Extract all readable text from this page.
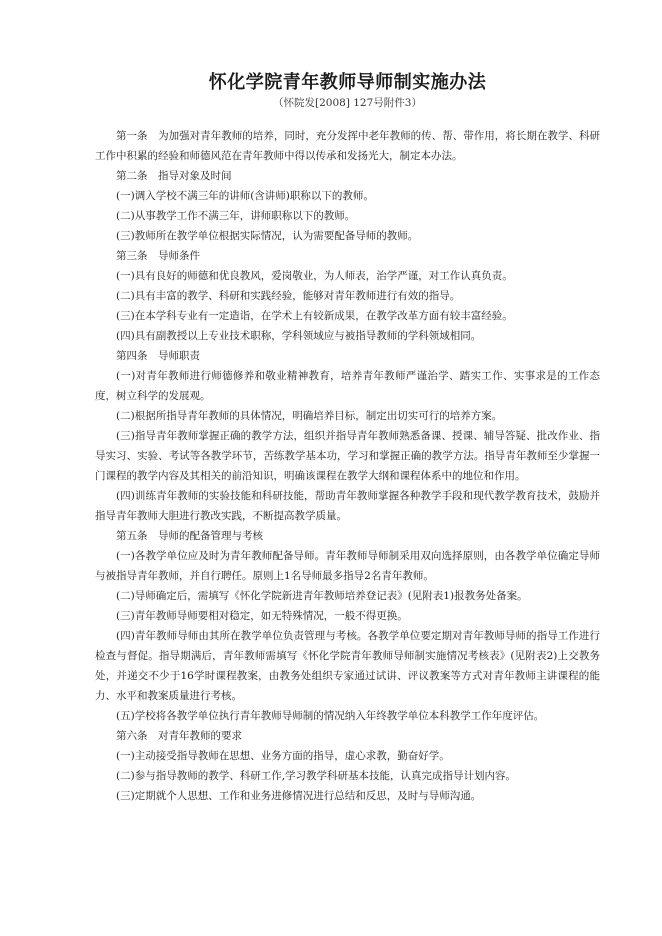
怀化学院青年教师导师制实施办法
（怀院发[2008] 127号附件3）

第一条　为加强对青年教师的培养，同时，充分发挥中老年教师的传、帮、带作用，将长期在教学、科研工作中积累的经验和师德风范在青年教师中得以传承和发扬光大，制定本办法。

第二条　指导对象及时间

(一)调入学校不满三年的讲师(含讲师)职称以下的教师。

(二)从事教学工作不满三年，讲师职称以下的教师。

(三)教师所在教学单位根据实际情况，认为需要配备导师的教师。

第三条　导师条件

(一)具有良好的师德和优良教风，爱岗敬业，为人师表，治学严谨，对工作认真负责。

(二)具有丰富的教学、科研和实践经验，能够对青年教师进行有效的指导。

(三)在本学科专业有一定造诣，在学术上有较新成果，在教学改革方面有较丰富经验。

(四)具有副教授以上专业技术职称，学科领域应与被指导教师的学科领域相同。

第四条　导师职责

(一)对青年教师进行师德修养和敬业精神教育，培养青年教师严谨治学、踏实工作、实事求是的工作态度，树立科学的发展观。

(二)根据所指导青年教师的具体情况，明确培养目标，制定出切实可行的培养方案。

(三)指导青年教师掌握正确的教学方法，组织并指导青年教师熟悉备课、授课、辅导答疑、批改作业、指导实习、实验、考试等各教学环节，苦练教学基本功，学习和掌握正确的教学方法。指导青年教师至少掌握一门课程的教学内容及其相关的前沿知识，明确该课程在教学大纲和课程体系中的地位和作用。

(四)训练青年教师的实验技能和科研技能，帮助青年教师掌握各种教学手段和现代教学教育技术，鼓励并指导青年教师大胆进行教改实践，不断提高教学质量。

第五条　导师的配备管理与考核

(一)各教学单位应及时为青年教师配备导师。青年教师导师制采用双向选择原则，由各教学单位确定导师与被指导青年教师，并自行聘任。原则上1名导师最多指导2名青年教师。

(二)导师确定后，需填写《怀化学院新进青年教师培养登记表》(见附表1)报教务处备案。

(三)青年教师导师要相对稳定，如无特殊情况，一般不得更换。

(四)青年教师导师由其所在教学单位负责管理与考核。各教学单位要定期对青年教师导师的指导工作进行检查与督促。指导期满后，青年教师需填写《怀化学院青年教师导师制实施情况考核表》(见附表2)上交教务处，并递交不少于16学时课程教案，由教务处组织专家通过试讲、评议教案等方式对青年教师主讲课程的能力、水平和教案质量进行考核。

(五)学校将各教学单位执行青年教师导师制的情况纳入年终教学单位本科教学工作年度评估。

第六条　对青年教师的要求

(一)主动接受指导教师在思想、业务方面的指导，虚心求教，勤奋好学。

(二)参与指导教师的教学、科研工作,学习教学科研基本技能，认真完成指导计划内容。

(三)定期就个人思想、工作和业务进修情况进行总结和反思，及时与导师沟通。
